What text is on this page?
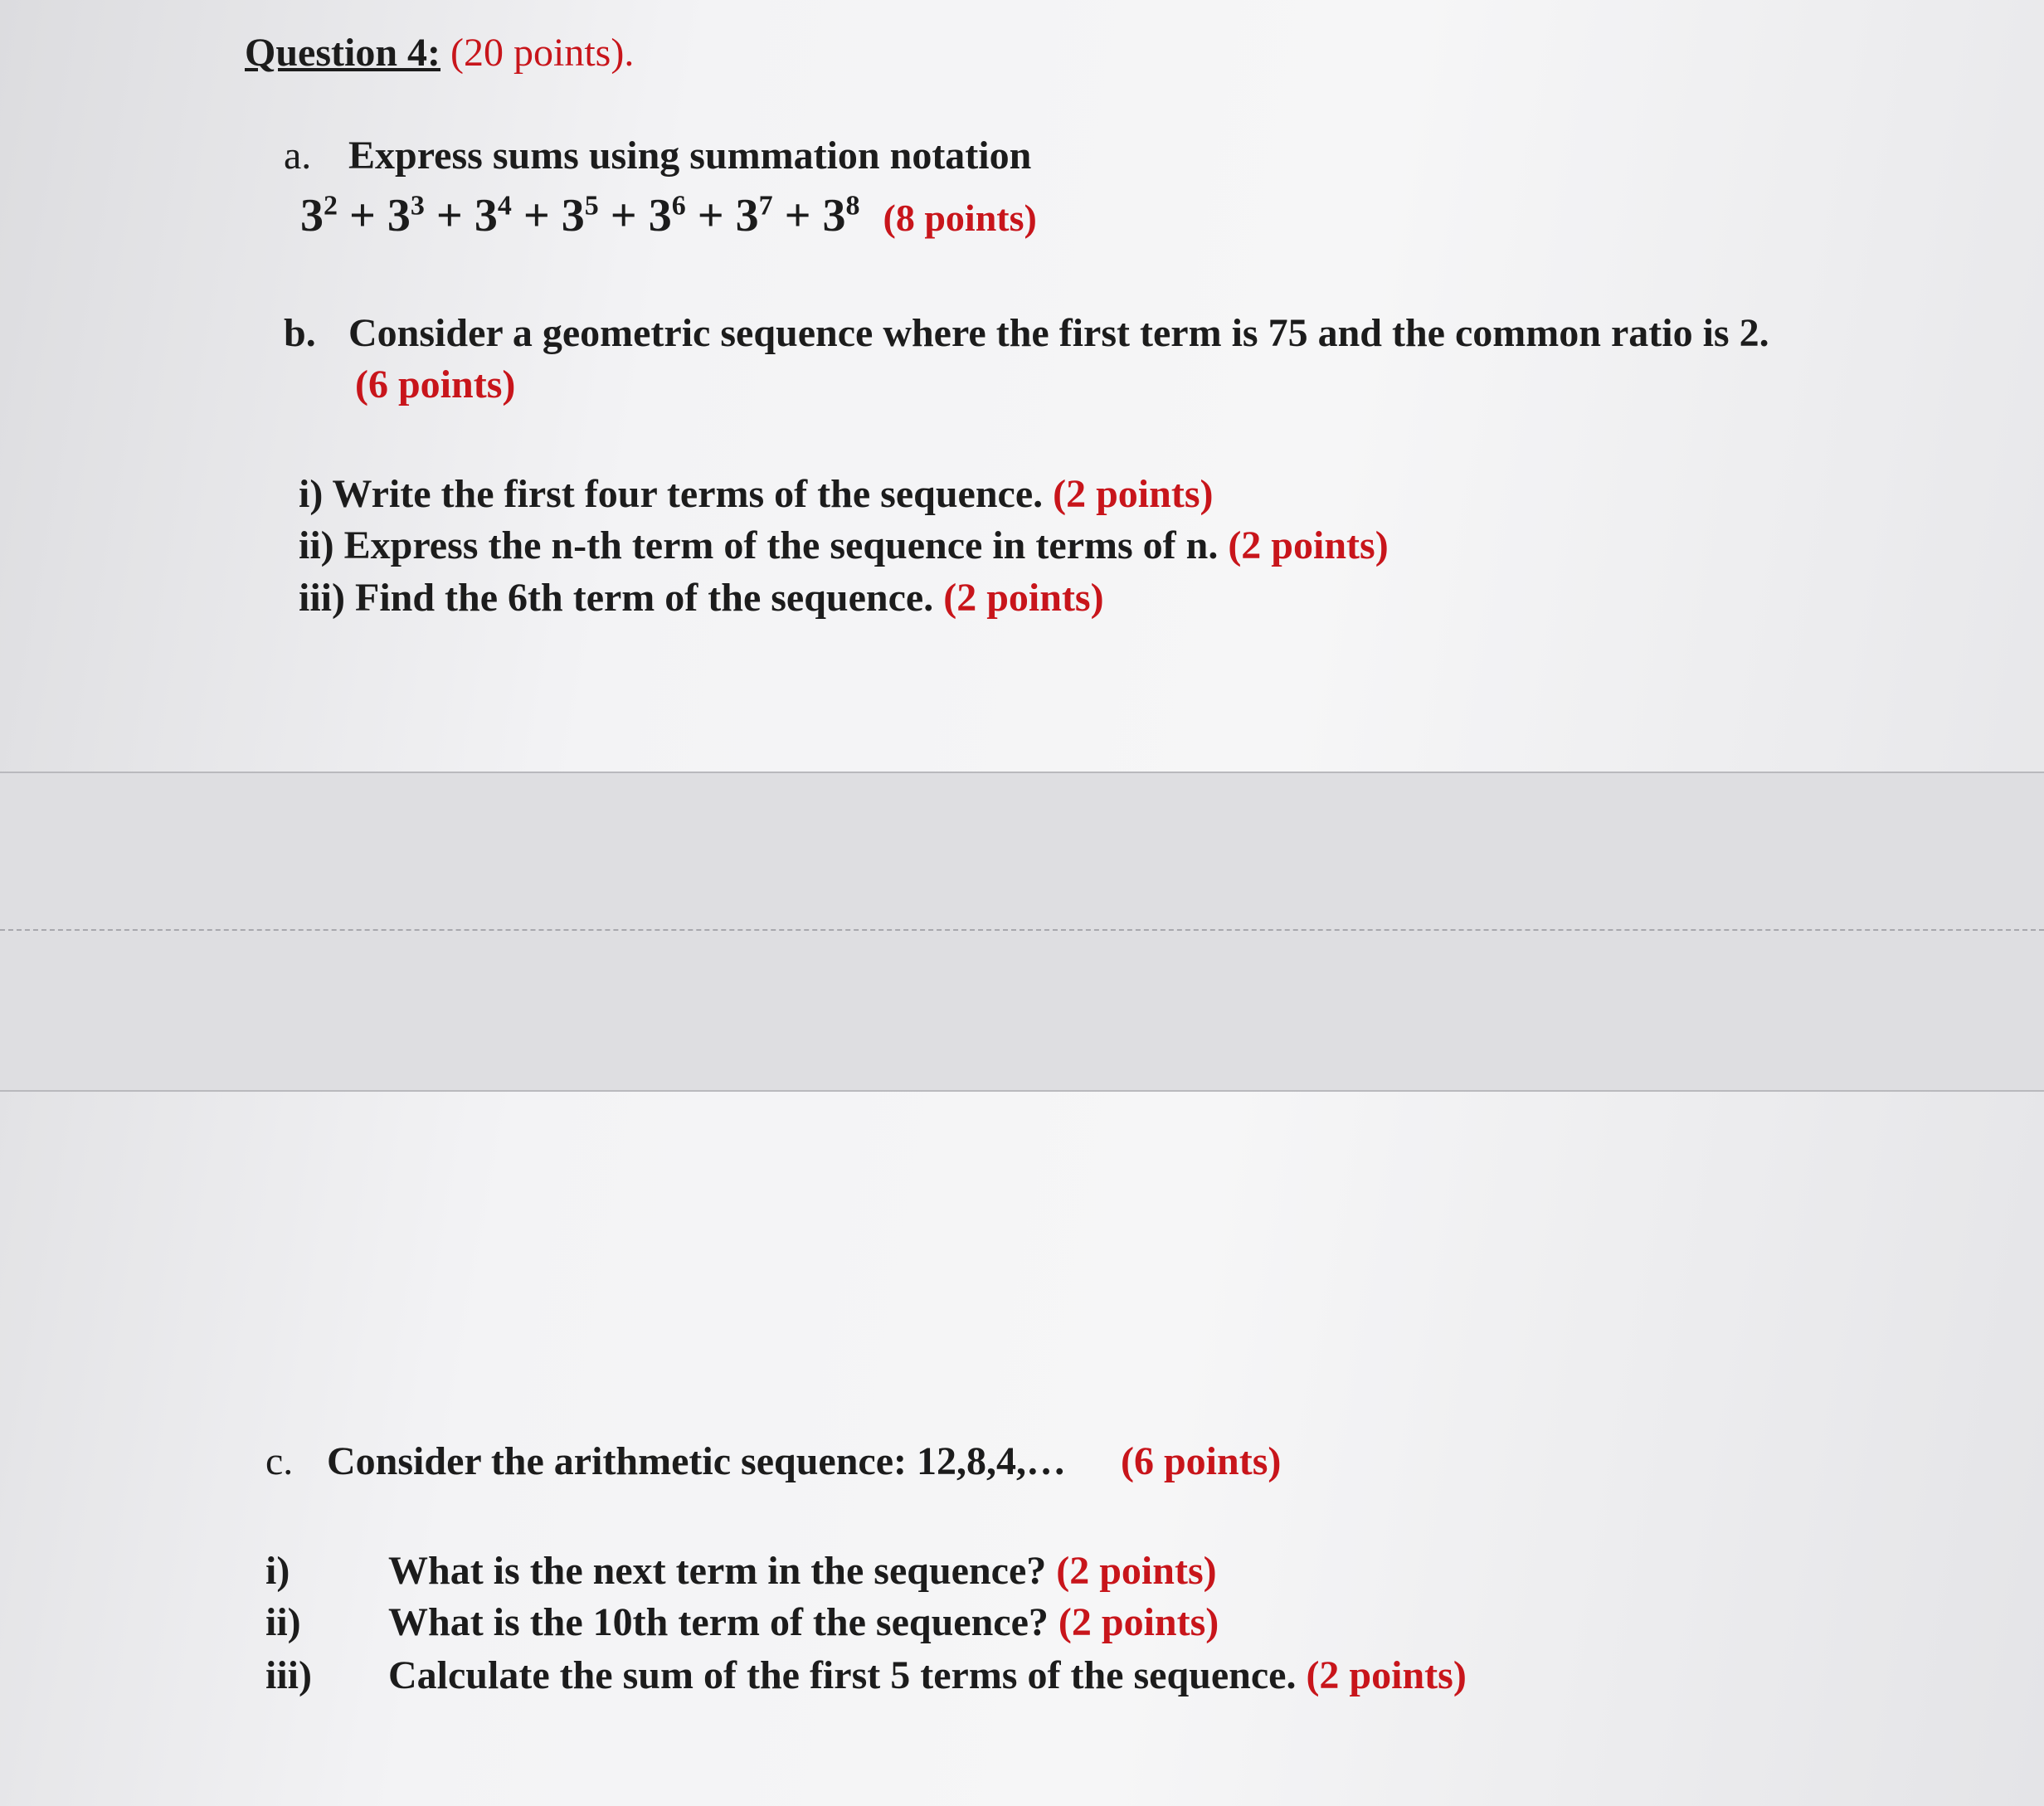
Question 4: (20 points).
a. Express sums using summation notation
$3^2 + 3^3 + 3^4 + 3^5 + 3^6 + 3^7 + 3^8$ (8 points)
b. Consider a geometric sequence where the first term is 75 and the common ratio is 2.
(6 points)
i) Write the first four terms of the sequence. (2 points)
ii) Express the n-th term of the sequence in terms of n. (2 points)
iii) Find the 6th term of the sequence. (2 points)
c. Consider the arithmetic sequence: 12,8,4,… (6 points)
i) What is the next term in the sequence? (2 points)
ii) What is the 10th term of the sequence? (2 points)
iii) Calculate the sum of the first 5 terms of the sequence. (2 points)
